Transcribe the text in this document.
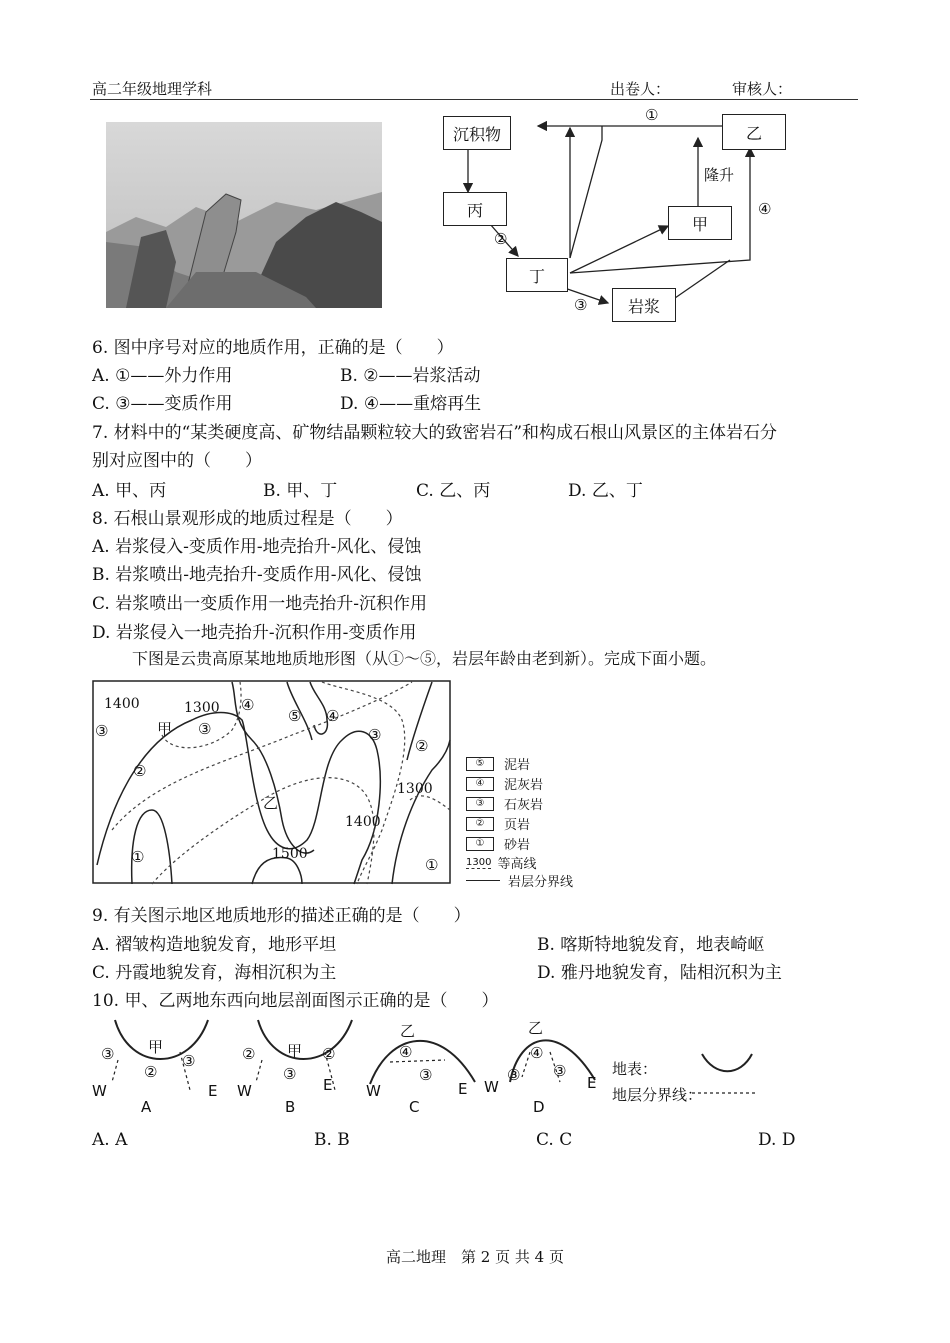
高二年级地理学科	出卷人：	审核人：
沉积物	乙
丙
甲
丁
岩浆
①
②
③
④
隆升
6. 图中序号对应的地质作用，正确的是（　　）
A. ①——外力作用	B. ②——岩浆活动
C. ③——变质作用	D. ④——重熔再生
7. 材料中的“某类硬度高、矿物结晶颗粒较大的致密岩石”和构成石根山风景区的主体岩石分
别对应图中的（　　）
A. 甲、丙	B. 甲、丁	C. 乙、丙	D. 乙、丁
8. 石根山景观形成的地质过程是（　　）
A. 岩浆侵入-变质作用-地壳抬升-风化、侵蚀
B. 岩浆喷出-地壳抬升-变质作用-风化、侵蚀
C. 岩浆喷出一变质作用一地壳抬升-沉积作用
D. 岩浆侵入一地壳抬升-沉积作用-变质作用
下图是云贵高原某地地质地形图（从①～⑤，岩层年龄由老到新）。完成下面小题。
1400	1300
1300
1400
1500
甲
乙
③	③
④
⑤ ④
③
②
②
①	①
⑤	泥岩
④	泥灰岩
③	石灰岩
②	页岩
①	砂岩
1300 等高线
岩层分界线
9. 有关图示地区地质地形的描述正确的是（　　）
A. 褶皱构造地貌发育，地形平坦	B. 喀斯特地貌发育，地表崎岖
C. 丹霞地貌发育，海相沉积为主	D. 雅丹地貌发育，陆相沉积为主
10. 甲、乙两地东西向地层剖面图示正确的是（　　）
甲
③
②
③
W	E
A
甲
②
③
②
W	E
B
乙
④
③
W	E
C
乙
④
③ ③
W	E
D
地表：
地层分界线：
A. A	B. B	C. C	D. D
高二地理　第 2 页 共 4 页
